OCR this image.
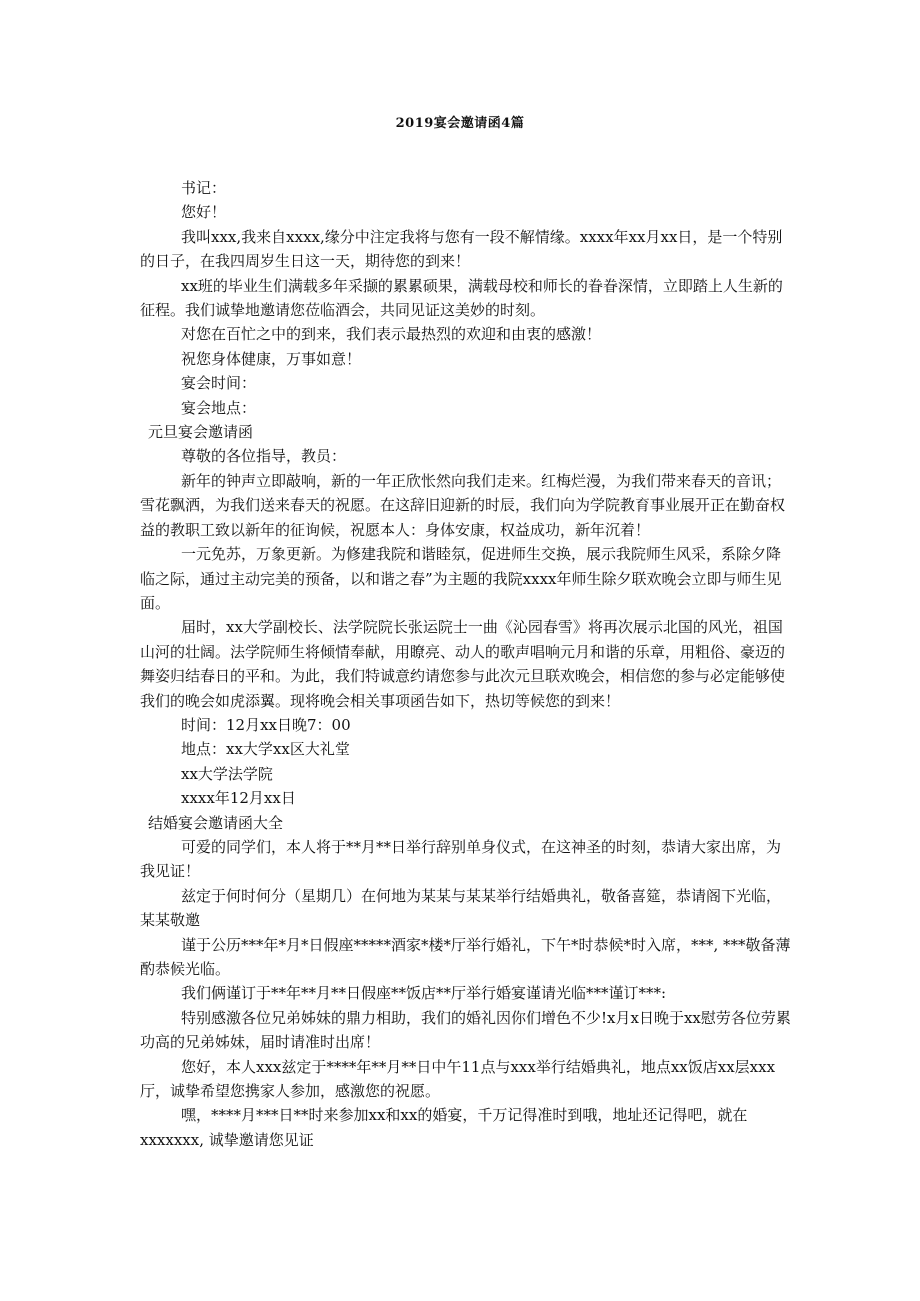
2019宴会邀请函4篇

书记：

您好！

我叫xxx,我来自xxxx,缘分中注定我将与您有一段不解情缘。xxxx年xx月xx日，是一个特别的日子，在我四周岁生日这一天，期待您的到来！

xx班的毕业生们满载多年采撷的累累硕果，满载母校和师长的眷眷深情，立即踏上人生新的征程。我们诚挚地邀请您莅临酒会，共同见证这美妙的时刻。

对您在百忙之中的到来，我们表示最热烈的欢迎和由衷的感激！

祝您身体健康，万事如意！

宴会时间：

宴会地点：

元旦宴会邀请函

尊敬的各位指导，教员：

新年的钟声立即敲响，新的一年正欣怅然向我们走来。红梅烂漫，为我们带来春天的音讯；雪花飘洒，为我们送来春天的祝愿。在这辞旧迎新的时辰，我们向为学院教育事业展开正在勤奋权益的教职工致以新年的征询候，祝愿本人：身体安康，权益成功，新年沉着！

一元免苏，万象更新。为修建我院和谐睦氛，促进师生交换，展示我院师生风采，系除夕降临之际，通过主动完美的预备，以和谐之春”为主题的我院xxxx年师生除夕联欢晚会立即与师生见面。

届时，xx大学副校长、法学院院长张运院士一曲《沁园春雪》将再次展示北国的风光，祖国山河的壮阔。法学院师生将倾情奉献，用瞭亮、动人的歌声唱响元月和谐的乐章，用粗俗、豪迈的舞姿归结春日的平和。为此，我们特诚意约请您参与此次元旦联欢晚会，相信您的参与必定能够使我们的晚会如虎添翼。现将晚会相关事项函告如下，热切等候您的到来！

时间：12月xx日晚7：00

地点：xx大学xx区大礼堂

xx大学法学院

xxxx年12月xx日

结婚宴会邀请函大全

可爱的同学们，本人将于**月**日举行辞别单身仪式，在这神圣的时刻，恭请大家出席，为我见证！

兹定于何时何分（星期几）在何地为某某与某某举行结婚典礼，敬备喜筵，恭请阁下光临，某某敬邀

谨于公历***年*月*日假座*****酒家*楼*厅举行婚礼，下午*时恭候*时入席，***, ***敬备薄酌恭候光临。

我们俩谨订于**年**月**日假座**饭店**厅举行婚宴谨请光临***谨订***:

特别感激各位兄弟姊妹的鼎力相助，我们的婚礼因你们增色不少!x月x日晚于xx慰劳各位劳累功高的兄弟姊妹，届时请准时出席！

您好，本人xxx兹定于****年**月**日中午11点与xxx举行结婚典礼，地点xx饭店xx层xxx厅，诚挚希望您携家人参加，感激您的祝愿。

嘿，****月***日**时来参加xx和xx的婚宴，千万记得准时到哦，地址还记得吧，就在xxxxxxx, 诚挚邀请您见证
